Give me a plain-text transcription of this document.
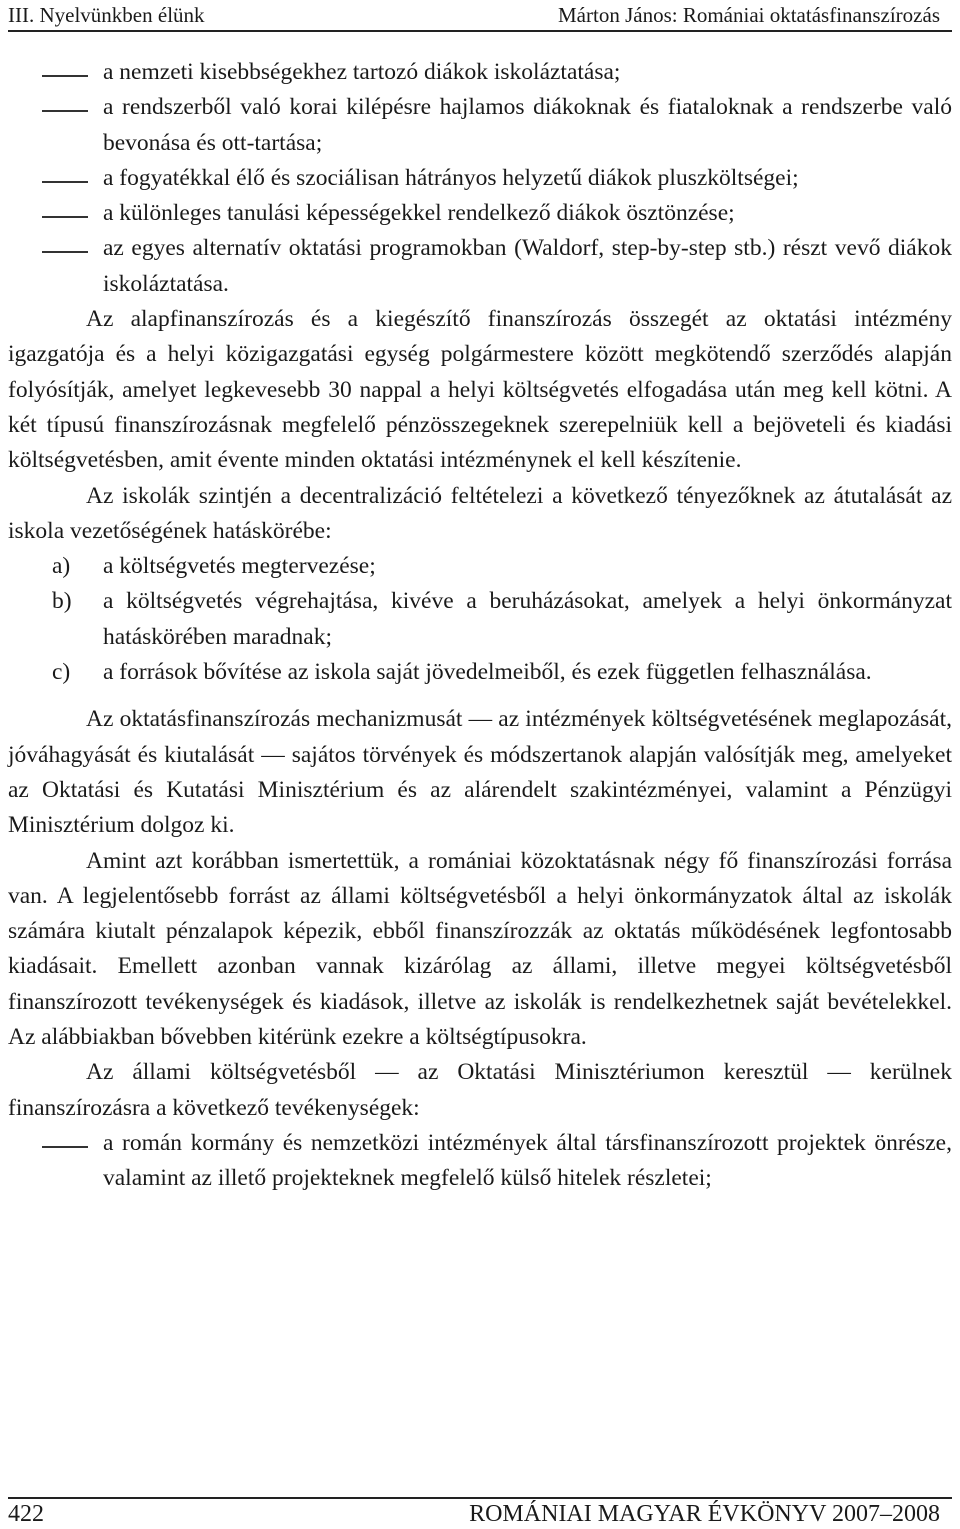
III. Nyelvünkben élünk	Márton János: Romániai oktatásfinanszírozás
a nemzeti kisebbségekhez tartozó diákok iskoláztatása;
a rendszerből való korai kilépésre hajlamos diákoknak és fiataloknak a rendszerbe való bevonása és ott-tartása;
a fogyatékkal élő és szociálisan hátrányos helyzetű diákok pluszköltségei;
a különleges tanulási képességekkel rendelkező diákok ösztönzése;
az egyes alternatív oktatási programokban (Waldorf, step-by-step stb.) részt vevő diákok iskoláztatása.

Az alapfinanszírozás és a kiegészítő finanszírozás összegét az oktatási intézmény igazgatója és a helyi közigazgatási egység polgármestere között megkötendő szerződés alapján folyósítják, amelyet legkevesebb 30 nappal a helyi költségvetés elfogadása után meg kell kötni. A két típusú finanszírozásnak megfelelő pénzösszegeknek szerepelniük kell a bejöveteli és kiadási költségvetésben, amit évente minden oktatási intézménynek el kell készítenie.

Az iskolák szintjén a decentralizáció feltételezi a következő tényezőknek az átutalását az iskola vezetőségének hatáskörébe:

a)	a költségvetés megtervezése;
b)	a költségvetés végrehajtása, kivéve a beruházásokat, amelyek a helyi önkormányzat hatáskörében maradnak;
c)	a források bővítése az iskola saját jövedelmeiből, és ezek független felhasználása.

Az oktatásfinanszírozás mechanizmusát — az intézmények költségvetésének meglapozását, jóváhagyását és kiutalását — sajátos törvények és módszertanok alapján valósítják meg, amelyeket az Oktatási és Kutatási Minisztérium és az alárendelt szakintézményei, valamint a Pénzügyi Minisztérium dolgoz ki.

Amint azt korábban ismertettük, a romániai közoktatásnak négy fő finanszírozási forrása van. A legjelentősebb forrást az állami költségvetésből a helyi önkormányzatok által az iskolák számára kiutalt pénzalapok képezik, ebből finanszírozzák az oktatás működésének legfontosabb kiadásait. Emellett azonban vannak kizárólag az állami, illetve megyei költségvetésből finanszírozott tevékenységek és kiadások, illetve az iskolák is rendelkezhetnek saját bevételekkel. Az alábbiakban bővebben kitérünk ezekre a költségtípusokra.

Az állami költségvetésből — az Oktatási Minisztériumon keresztül — kerülnek finanszírozásra a következő tevékenységek:

a román kormány és nemzetközi intézmények által társfinanszírozott projektek önrésze, valamint az illető projekteknek megfelelő külső hitelek részletei;
422	ROMÁNIAI MAGYAR ÉVKÖNYV 2007–2008
